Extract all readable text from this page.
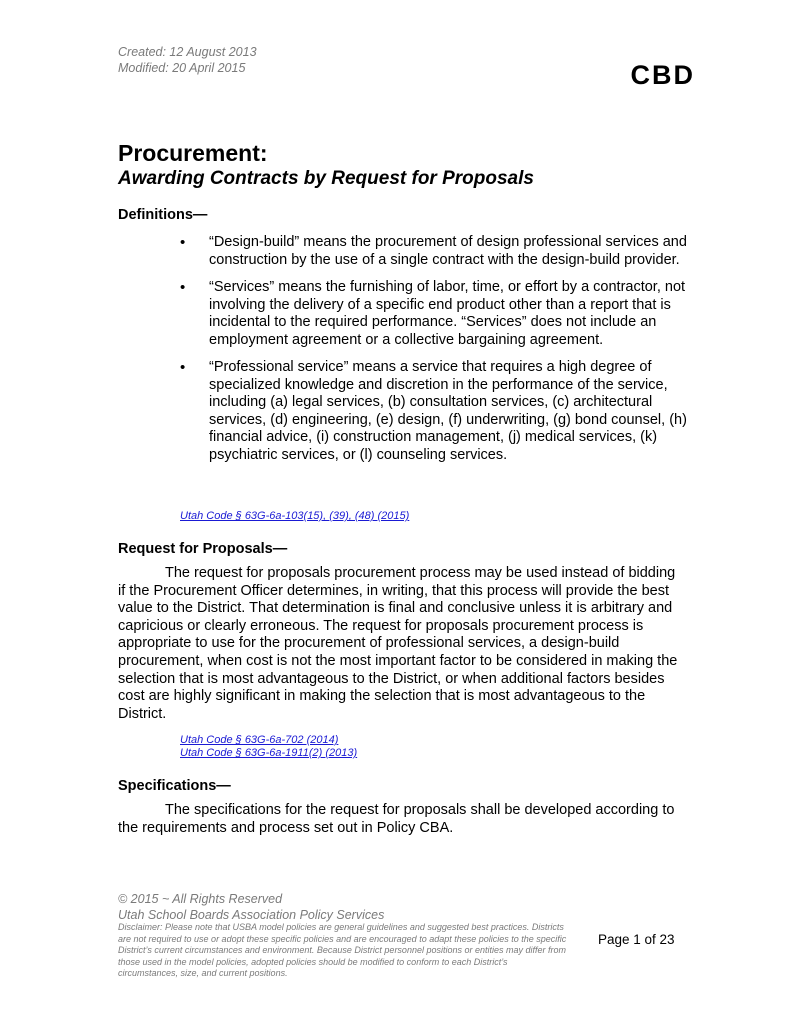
Created: 12 August 2013
Modified: 20 April 2015	CBD
Procurement:
Awarding Contracts by Request for Proposals
Definitions—
• “Design-build” means the procurement of design professional services and construction by the use of a single contract with the design-build provider.
• “Services” means the furnishing of labor, time, or effort by a contractor, not involving the delivery of a specific end product other than a report that is incidental to the required performance. “Services” does not include an employment agreement or a collective bargaining agreement.
• “Professional service” means a service that requires a high degree of specialized knowledge and discretion in the performance of the service, including (a) legal services, (b) consultation services, (c) architectural services, (d) engineering, (e) design, (f) underwriting, (g) bond counsel, (h) financial advice, (i) construction management, (j) medical services, (k) psychiatric services, or (l) counseling services.
Utah Code § 63G-6a-103(15), (39), (48) (2015)
Request for Proposals—

The request for proposals procurement process may be used instead of bidding if the Procurement Officer determines, in writing, that this process will provide the best value to the District. That determination is final and conclusive unless it is arbitrary and capricious or clearly erroneous. The request for proposals procurement process is appropriate to use for the procurement of professional services, a design-build procurement, when cost is not the most important factor to be considered in making the selection that is most advantageous to the District, or when additional factors besides cost are highly significant in making the selection that is most advantageous to the District.

Utah Code § 63G-6a-702 (2014)
Utah Code § 63G-6a-1911(2) (2013)
Specifications—

The specifications for the request for proposals shall be developed according to the requirements and process set out in Policy CBA.

© 2015 ~ All Rights Reserved
Utah School Boards Association Policy Services
Disclaimer: Please note that USBA model policies are general guidelines and suggested best practices. Districts are not required to use or adopt these specific policies and are encouraged to adapt these policies to the specific District’s current circumstances and environment. Because District personnel positions or entities may differ from those used in the model policies, adopted policies should be modified to conform to each District’s circumstances, size, and current positions.
Page 1 of 23
